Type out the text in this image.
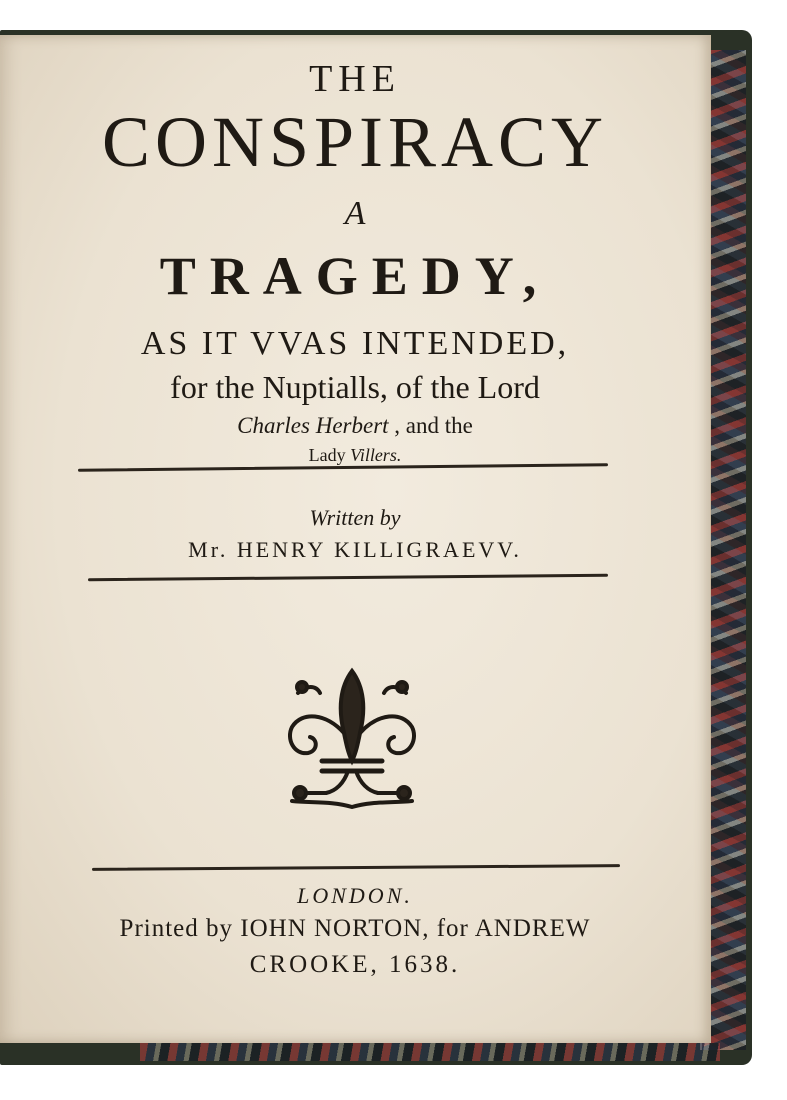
THE
CONSPIRACY
A
TRAGEDY,
AS IT VVAS INTENDED,
for the Nuptialls, of the Lord
Charles Herbert , and the
Lady Villers.
Written by
Mr. HENRY KILLIGRAEVV.
LONDON.
Printed by IOHN NORTON, for ANDREW
CROOKE, 1638.
